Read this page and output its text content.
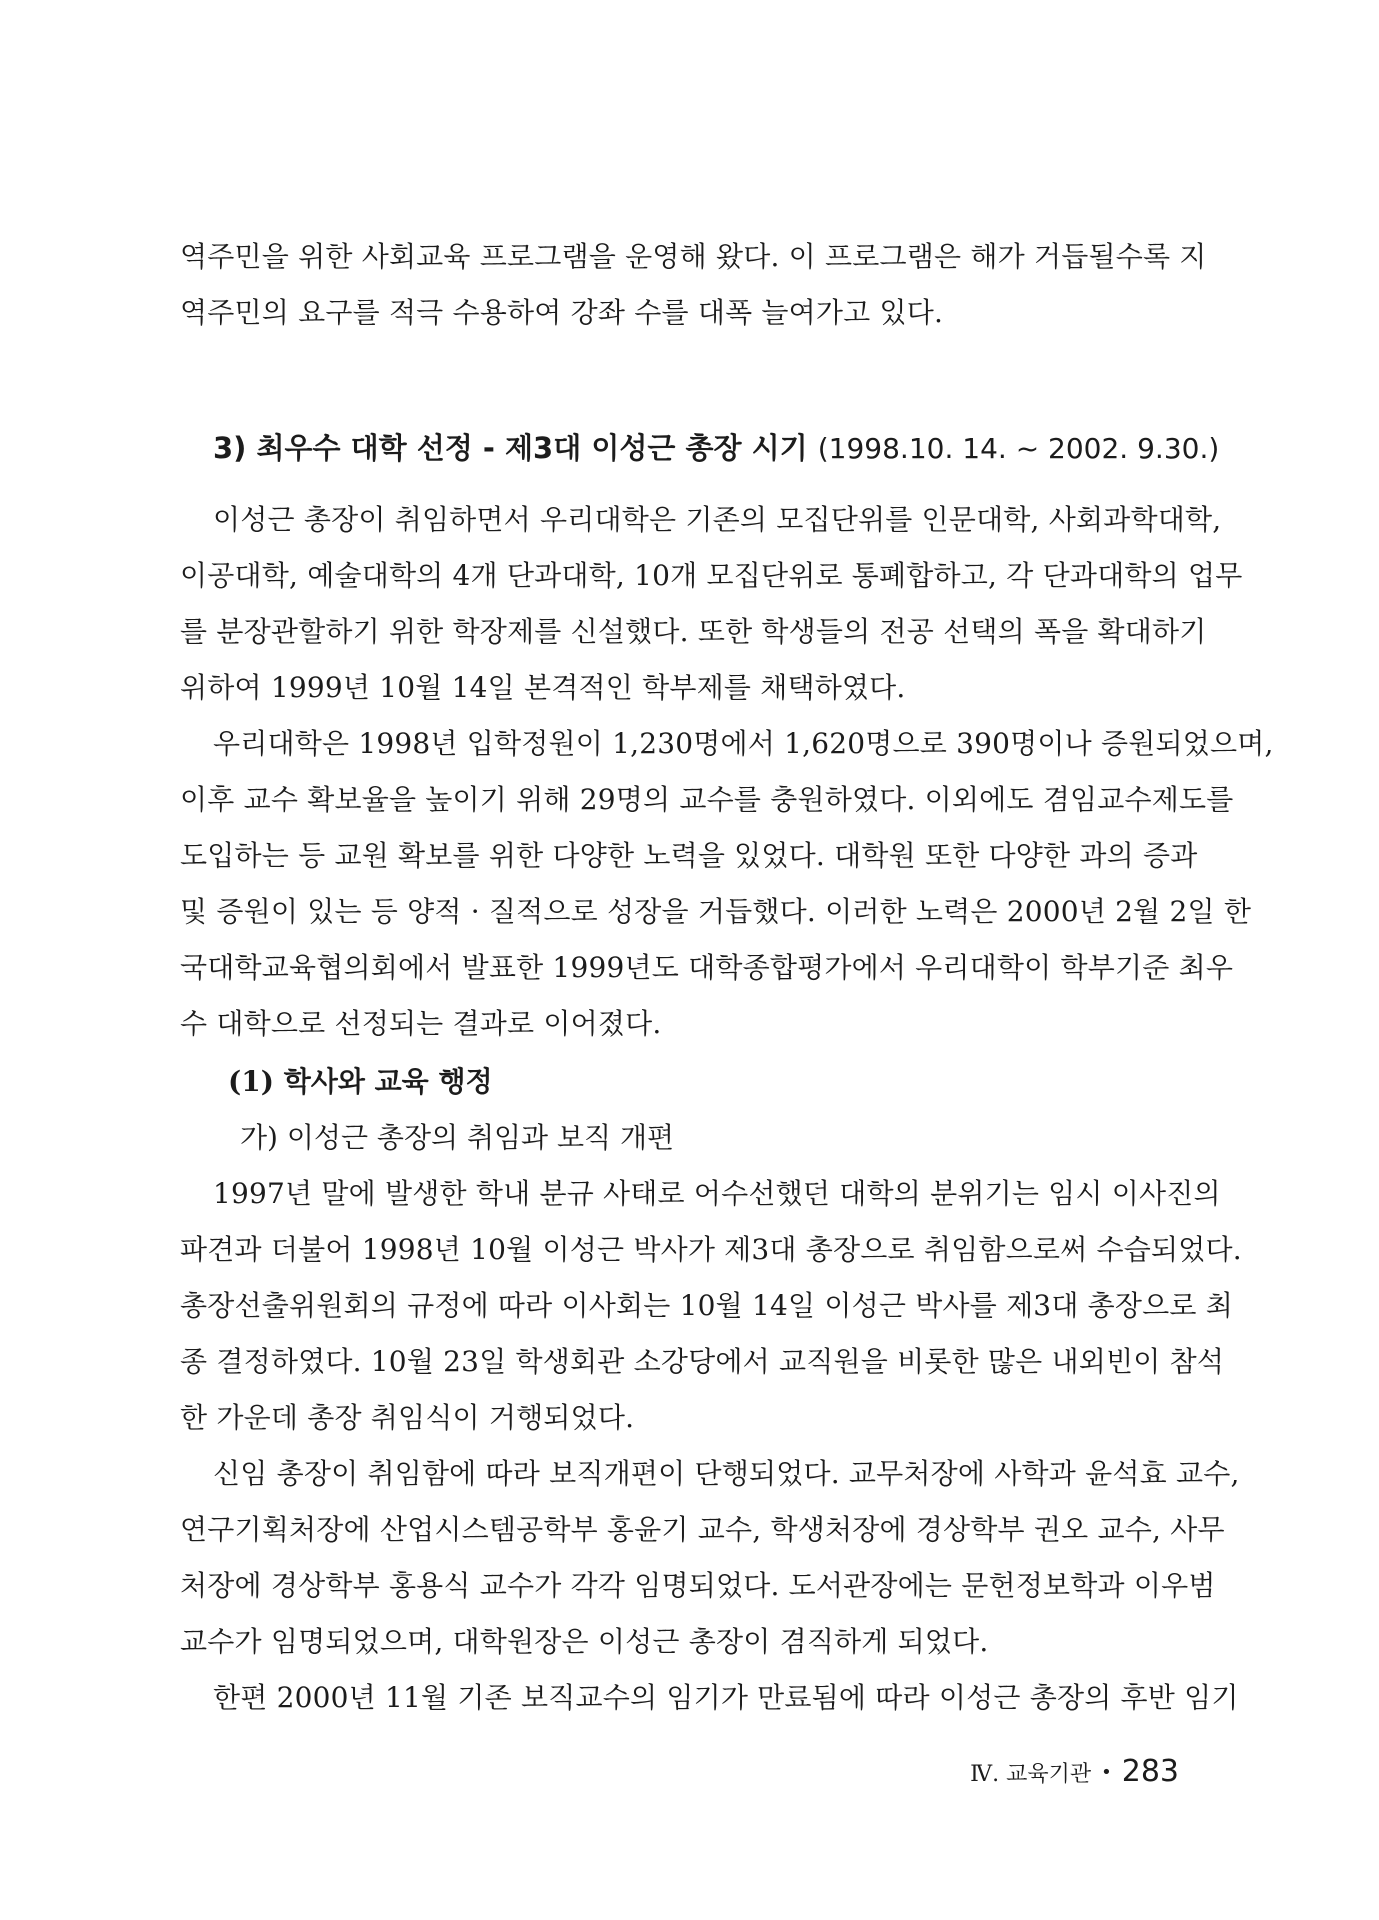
역주민을 위한 사회교육 프로그램을 운영해 왔다. 이 프로그램은 해가 거듭될수록 지
역주민의 요구를 적극 수용하여 강좌 수를 대폭 늘여가고 있다.
3) 최우수 대학 선정 - 제3대 이성근 총장 시기 (1998.10. 14. ~ 2002. 9.30.)
이성근 총장이 취임하면서 우리대학은 기존의 모집단위를 인문대학, 사회과학대학,
이공대학, 예술대학의 4개 단과대학, 10개 모집단위로 통폐합하고, 각 단과대학의 업무
를 분장관할하기 위한 학장제를 신설했다. 또한 학생들의 전공 선택의 폭을 확대하기
위하여 1999년 10월 14일 본격적인 학부제를 채택하였다.
우리대학은 1998년 입학정원이 1,230명에서 1,620명으로 390명이나 증원되었으며,
이후 교수 확보율을 높이기 위해 29명의 교수를 충원하였다. 이외에도 겸임교수제도를
도입하는 등 교원 확보를 위한 다양한 노력을 있었다. 대학원 또한 다양한 과의 증과
및 증원이 있는 등 양적 · 질적으로 성장을 거듭했다. 이러한 노력은 2000년 2월 2일 한
국대학교육협의회에서 발표한 1999년도 대학종합평가에서 우리대학이 학부기준 최우
수 대학으로 선정되는 결과로 이어졌다.
(1) 학사와 교육 행정
가) 이성근 총장의 취임과 보직 개편
1997년 말에 발생한 학내 분규 사태로 어수선했던 대학의 분위기는 임시 이사진의
파견과 더불어 1998년 10월 이성근 박사가 제3대 총장으로 취임함으로써 수습되었다.
총장선출위원회의 규정에 따라 이사회는 10월 14일 이성근 박사를 제3대 총장으로 최
종 결정하였다. 10월 23일 학생회관 소강당에서 교직원을 비롯한 많은 내외빈이 참석
한 가운데 총장 취임식이 거행되었다.
신임 총장이 취임함에 따라 보직개편이 단행되었다. 교무처장에 사학과 윤석효 교수,
연구기획처장에 산업시스템공학부 홍윤기 교수, 학생처장에 경상학부 권오 교수, 사무
처장에 경상학부 홍용식 교수가 각각 임명되었다. 도서관장에는 문헌정보학과 이우범
교수가 임명되었으며, 대학원장은 이성근 총장이 겸직하게 되었다.
한편 2000년 11월 기존 보직교수의 임기가 만료됨에 따라 이성근 총장의 후반 임기
Ⅳ. 교육기관 • 283
